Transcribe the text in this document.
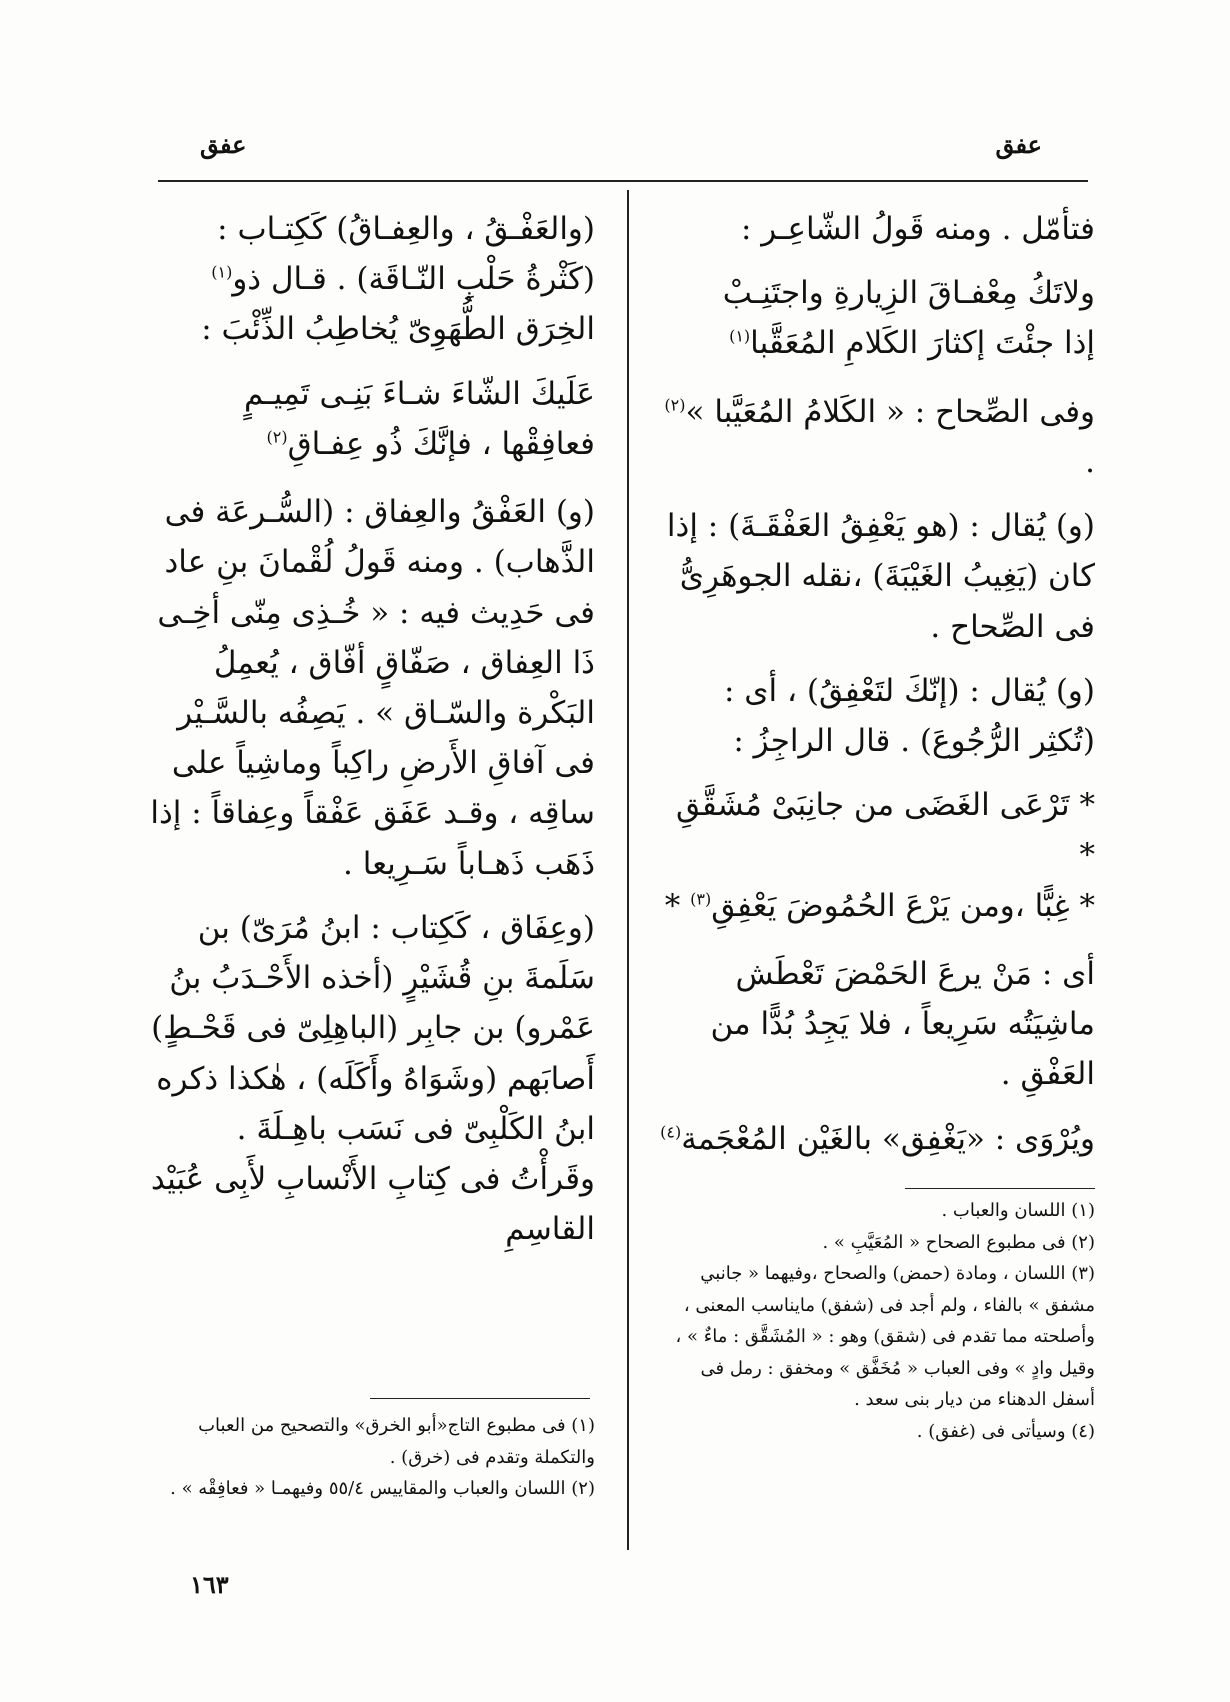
عفق
عفق

فتأمّل . ومنه قَولُ الشّاعِـر :

ولاتَكُ مِعْفـاقَ الزِيارةِ واجتَنِـبْ
إذا جئْتَ إكثارَ الكَلامِ المُعَقَّبا$^{(١)}$

وفى الصِّحاح : « الكَلامُ المُعَيَّبا »$^{(٢)}$ .

(و) يُقال : (هو يَعْفِقُ العَفْقَـةَ) : إذا كان (يَغِيبُ الغَيْبَةَ) ،نقله الجوهَرِىُّ فى الصِّحاح .

(و) يُقال : (إنّكَ لتَعْفِقُ) ، أى : (تُكثِر الرُّجُوعَ) . قال الراجِزُ :

* تَرْعَى الغَضَى من جانِبَىْ مُشَقَّقِ *
* غِبًّا ،ومن يَرْعَ الحُمُوضَ يَعْفِقِ$^{(٣)}$ *

أى : مَنْ يرعَ الحَمْضَ تَعْطَش ماشِيَتُه سَرِيعاً ، فلا يَجِدُ بُدًّا من العَفْقِ .

ويُرْوَى : «يَغْفِق» بالغَيْن المُعْجَمة$^{(٤)}$

(١) اللسان والعباب .
(٢) فى مطبوع الصحاح « المُعَيَّبِ » .
(٣) اللسان ، ومادة (حمض) والصحاح ،وفيهما « جانبي مشفق » بالفاء ، ولم أجد فى (شفق) مايناسب المعنى ، وأصلحته مما تقدم فى (شقق) وهو : « المُشَقَّق : ماءٌ » ، وقيل وادٍ » وفى العباب « مُخَفَّق » ومخفق : رمل فى أسفل الدهناء من ديار بنى سعد .
(٤) وسيأتى فى (غفق) .

(والعَفْـقُ ، والعِفـاقُ) كَكِتـاب : (كَثْرةُ حَلْبِ النّـاقَة) . قـال ذو$^{(١)}$ الخِرَق الطُّهَوِىّ يُخاطِبُ الذِّئْبَ :

عَلَيكَ الشّاءَ شـاءَ بَنِـى تَمِيـمٍ
فعافِقْها ، فإنَّكَ ذُو عِفـاقِ$^{(٢)}$

(و) العَفْقُ والعِفاق : (السُّـرعَة فى الذَّهاب) . ومنه قَولُ لُقْمانَ بنِ عاد فى حَدِيث فيه : « خُـذِى مِنّى أخِـى ذَا العِفاق ، صَفّاقٍ أفّاق ، يُعمِلُ البَكْرة والسّـاق » . يَصِفُه بالسَّـيْر فى آفاقِ الأَرضِ راكِباً وماشِياً على ساقِه ، وقـد عَفَق عَفْقاً وعِفاقاً : إذا ذَهَب ذَهـاباً سَـرِيعا .

(وعِفَاق ، كَكِتاب : ابنُ مُرَىّ) بن سَلَمةَ بنِ قُشَيْرٍ (أخذه الأَحْـدَبُ بنُ عَمْرو) بن جابِر (الباهِلِىّ فى قَحْـطٍ) أَصابَهم (وشَوَاهُ وأَكَلَه) ، هٰكذا ذكره ابنُ الكَلْبِىّ فى نَسَب باهِـلَةَ . وقَرأْتُ فى كِتابِ الأَنْسابِ لأَبِى عُبَيْد القاسِمِ

(١) فى مطبوع التاج«أبو الخرق» والتصحيح من العباب والتكملة وتقدم فى (خرق) .
(٢) اللسان والعباب والمقاييس ٥٥/٤ وفيهمـا « فعافِقْه » .
١٦٣
